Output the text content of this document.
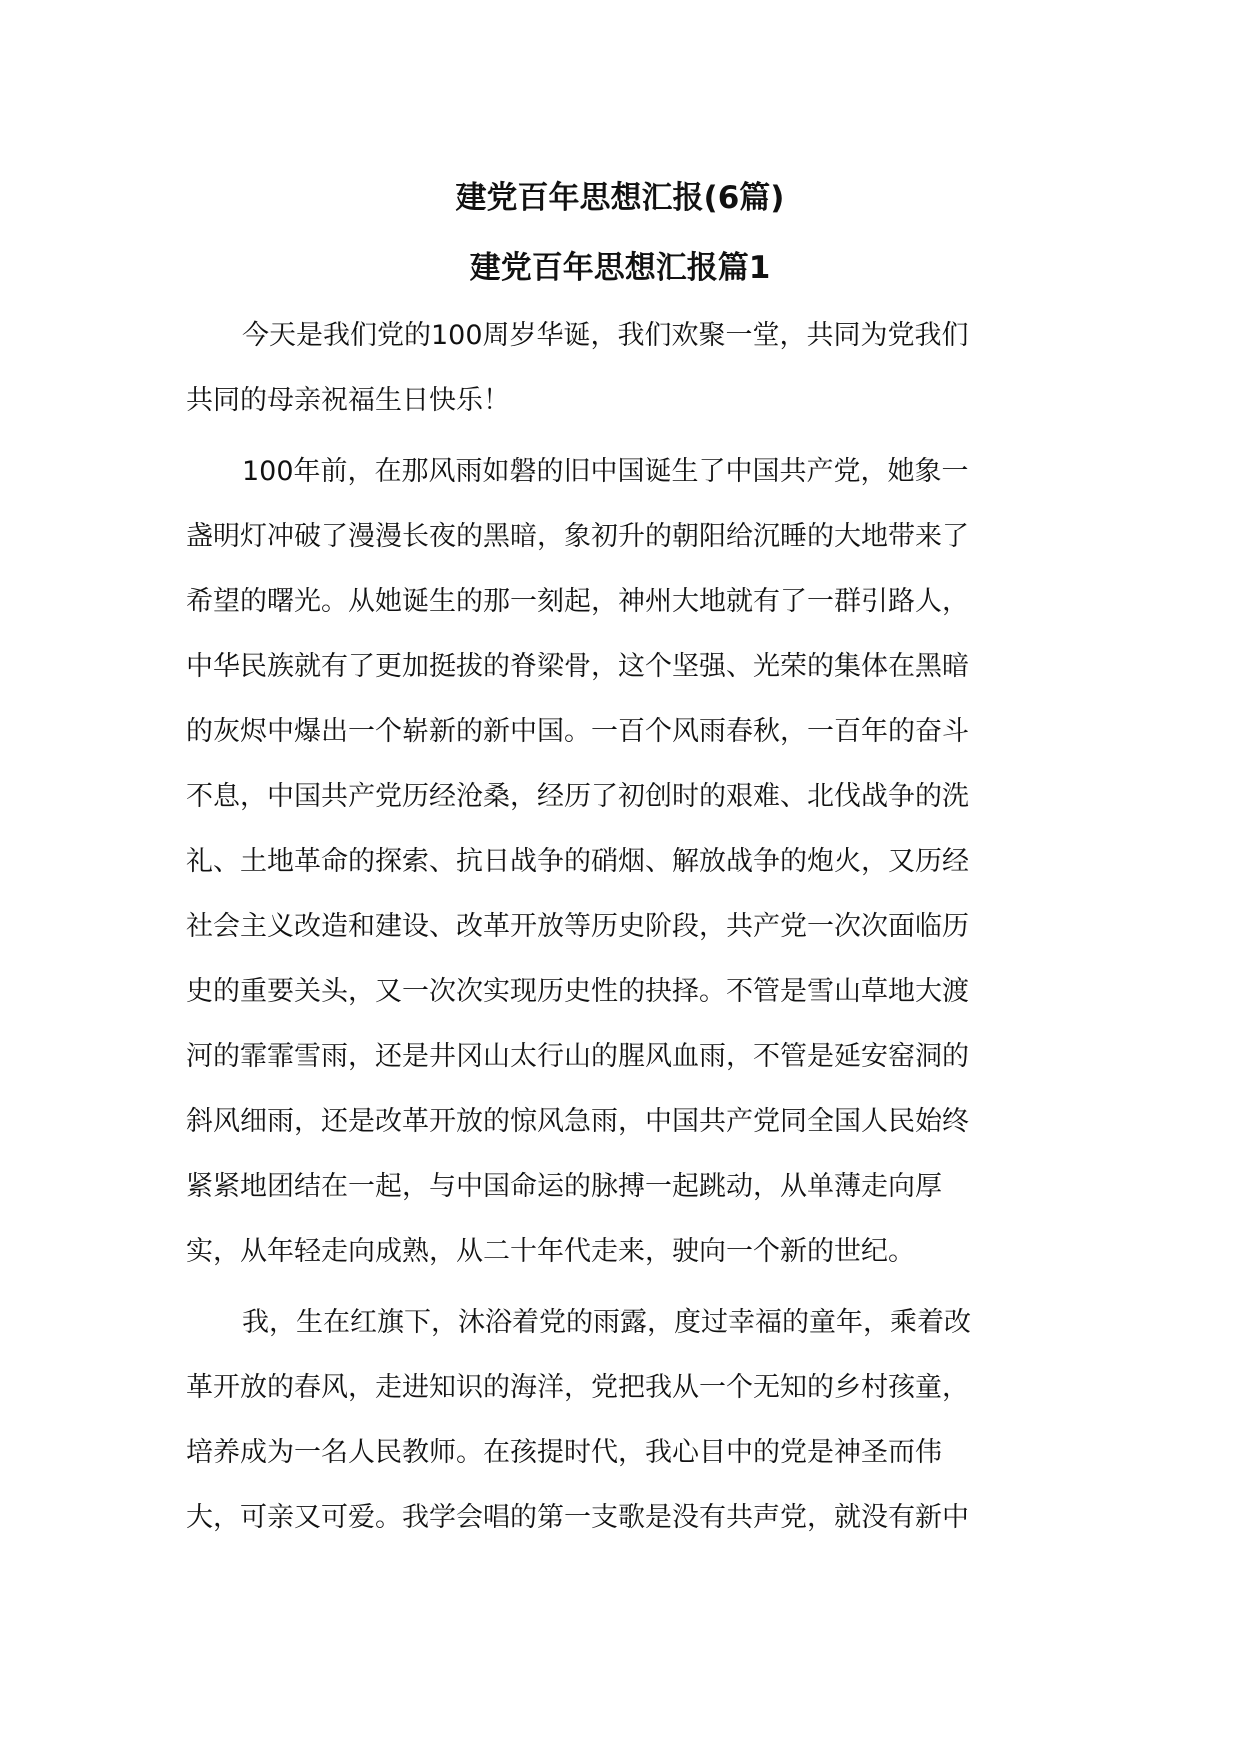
建党百年思想汇报(6篇)
建党百年思想汇报篇1
今天是我们党的100周岁华诞，我们欢聚一堂，共同为党我们
共同的母亲祝福生日快乐！
100年前，在那风雨如磐的旧中国诞生了中国共产党，她象一
盏明灯冲破了漫漫长夜的黑暗，象初升的朝阳给沉睡的大地带来了
希望的曙光。从她诞生的那一刻起，神州大地就有了一群引路人，
中华民族就有了更加挺拔的脊梁骨，这个坚强、光荣的集体在黑暗
的灰烬中爆出一个崭新的新中国。一百个风雨春秋，一百年的奋斗
不息，中国共产党历经沧桑，经历了初创时的艰难、北伐战争的洗
礼、土地革命的探索、抗日战争的硝烟、解放战争的炮火，又历经
社会主义改造和建设、改革开放等历史阶段，共产党一次次面临历
史的重要关头，又一次次实现历史性的抉择。不管是雪山草地大渡
河的霏霏雪雨，还是井冈山太行山的腥风血雨，不管是延安窑洞的
斜风细雨，还是改革开放的惊风急雨，中国共产党同全国人民始终
紧紧地团结在一起，与中国命运的脉搏一起跳动，从单薄走向厚
实，从年轻走向成熟，从二十年代走来，驶向一个新的世纪。
我，生在红旗下，沐浴着党的雨露，度过幸福的童年，乘着改
革开放的春风，走进知识的海洋，党把我从一个无知的乡村孩童，
培养成为一名人民教师。在孩提时代，我心目中的党是神圣而伟
大，可亲又可爱。我学会唱的第一支歌是没有共声党，就没有新中
